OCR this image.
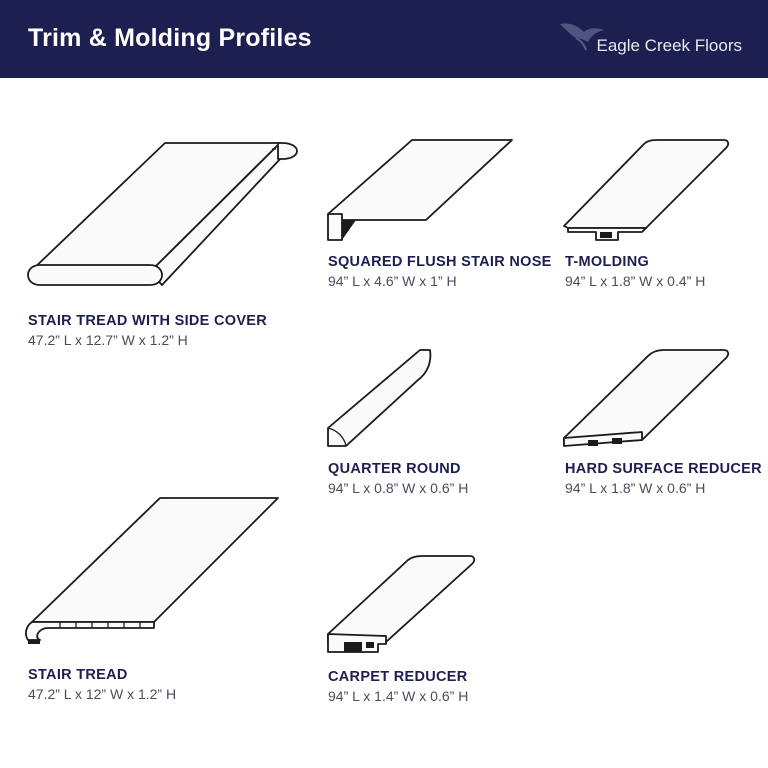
Trim & Molding Profiles	Eagle Creek Floors
STAIR TREAD WITH SIDE COVER
47.2” L x 12.7” W x 1.2” H
SQUARED FLUSH STAIR NOSE
94” L x 4.6” W x 1” H
T-MOLDING
94” L x 1.8” W x 0.4” H
QUARTER ROUND
94” L x 0.8” W x 0.6” H
HARD SURFACE REDUCER
94” L x 1.8” W x 0.6” H
STAIR TREAD
47.2” L x 12” W x 1.2” H
CARPET REDUCER
94” L x 1.4” W x 0.6” H
